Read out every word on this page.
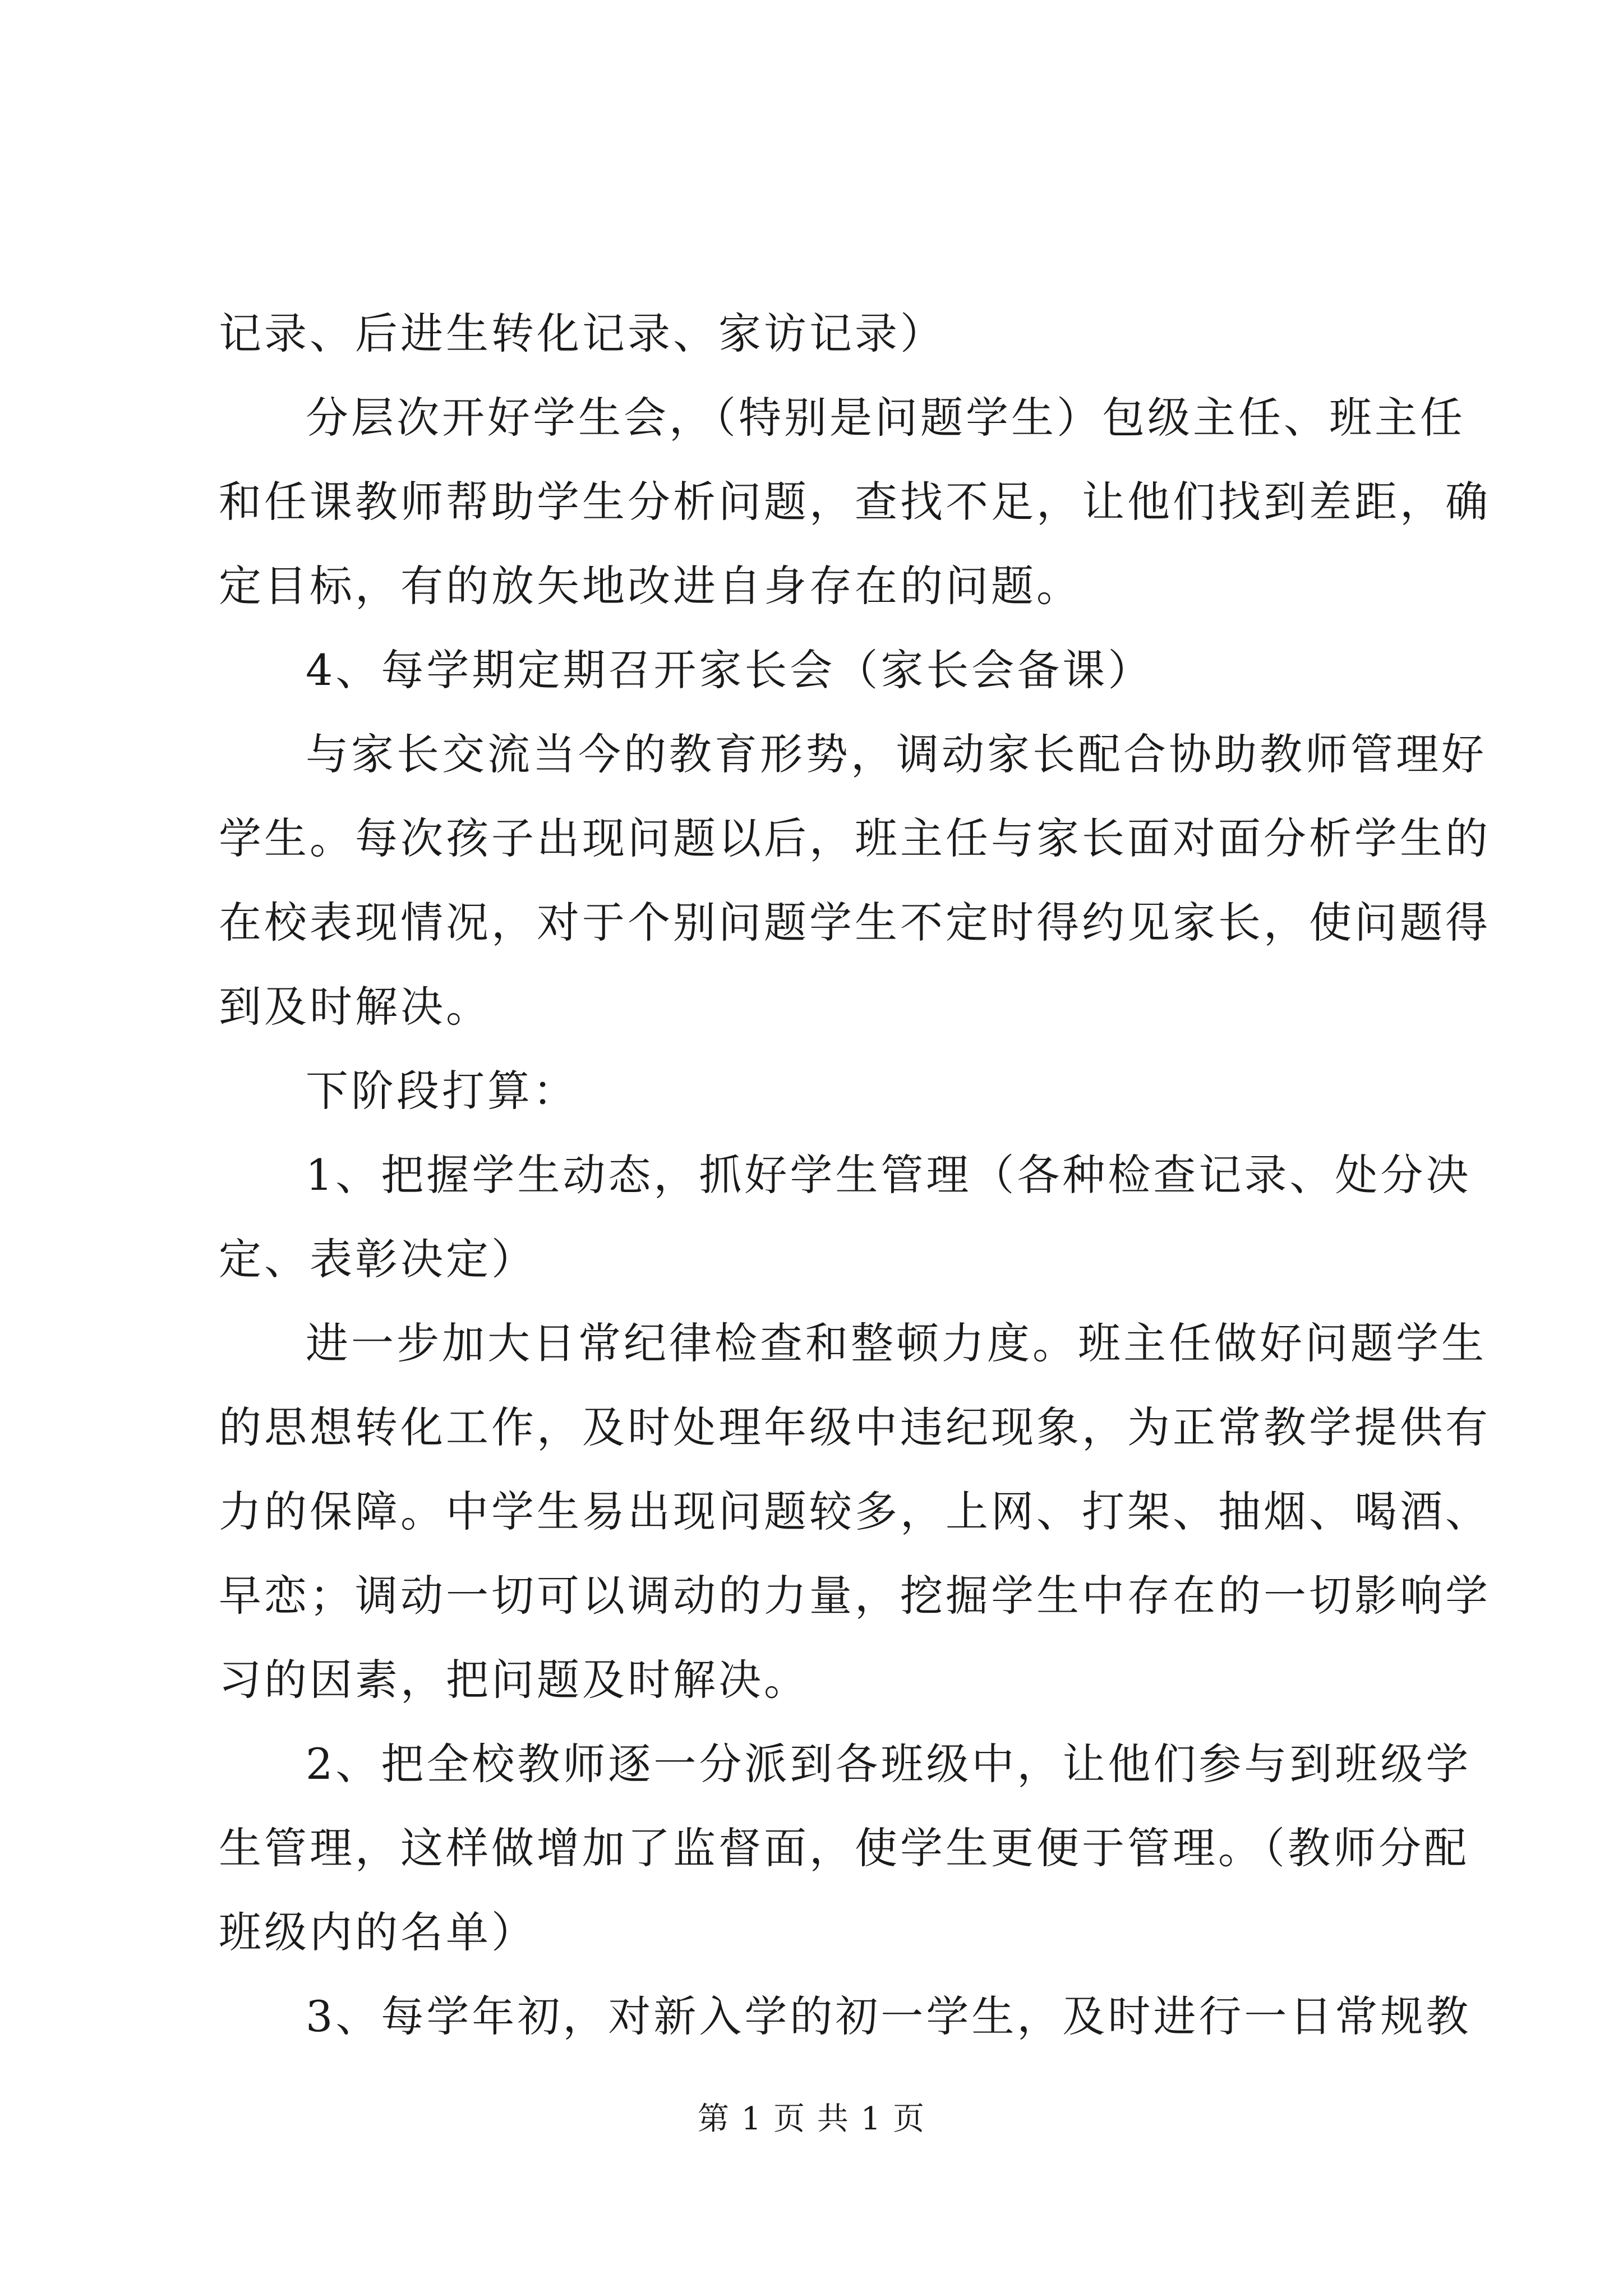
记录、后进生转化记录、家访记录）
分层次开好学生会，（特别是问题学生）包级主任、班主任
和任课教师帮助学生分析问题，查找不足，让他们找到差距，确
定目标，有的放矢地改进自身存在的问题。
4、每学期定期召开家长会（家长会备课）
与家长交流当今的教育形势，调动家长配合协助教师管理好
学生。每次孩子出现问题以后，班主任与家长面对面分析学生的
在校表现情况，对于个别问题学生不定时得约见家长，使问题得
到及时解决。
下阶段打算：
1、把握学生动态，抓好学生管理（各种检查记录、处分决
定、表彰决定）
进一步加大日常纪律检查和整顿力度。班主任做好问题学生
的思想转化工作，及时处理年级中违纪现象，为正常教学提供有
力的保障。中学生易出现问题较多，上网、打架、抽烟、喝酒、
早恋；调动一切可以调动的力量，挖掘学生中存在的一切影响学
习的因素，把问题及时解决。
2、把全校教师逐一分派到各班级中，让他们参与到班级学
生管理，这样做增加了监督面，使学生更便于管理。（教师分配
班级内的名单）
3、每学年初，对新入学的初一学生，及时进行一日常规教
第 1 页 共 1 页
